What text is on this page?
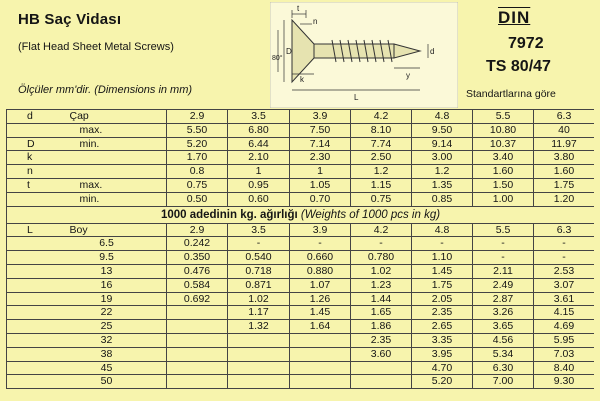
HB Saç Vidası
(Flat Head Sheet Metal Screws)
Ölçüler mm'dir. (Dimensions in mm)
t
n
D	d
k
L
y
80°
DIN
7972
TS 80/47
Standartlarına göre
d	Çap	2.9	3.5	3.9	4.2	4.8	5.5	6.3
	max.	5.50	6.80	7.50	8.10	9.50	10.80	40
D	min.	5.20	6.44	7.14	7.74	9.14	10.37	11.97
k		1.70	2.10	2.30	2.50	3.00	3.40	3.80
n		0.8	1	1	1.2	1.2	1.60	1.60
t	max.	0.75	0.95	1.05	1.15	1.35	1.50	1.75
	min.	0.50	0.60	0.70	0.75	0.85	1.00	1.20
1000 adedinin kg. ağırlığı (Weights of 1000 pcs in kg)								
L	Boy	2.9	3.5	3.9	4.2	4.8	5.5	6.3
6.5		0.242	-	-	-	-	-	-
9.5		0.350	0.540	0.660	0.780	1.10	-	-
13		0.476	0.718	0.880	1.02	1.45	2.11	2.53
16		0.584	0.871	1.07	1.23	1.75	2.49	3.07
19		0.692	1.02	1.26	1.44	2.05	2.87	3.61
22			1.17	1.45	1.65	2.35	3.26	4.15
25			1.32	1.64	1.86	2.65	3.65	4.69
32					2.35	3.35	4.56	5.95
38					3.60	3.95	5.34	7.03
45						4.70	6.30	8.40
50						5.20	7.00	9.30
